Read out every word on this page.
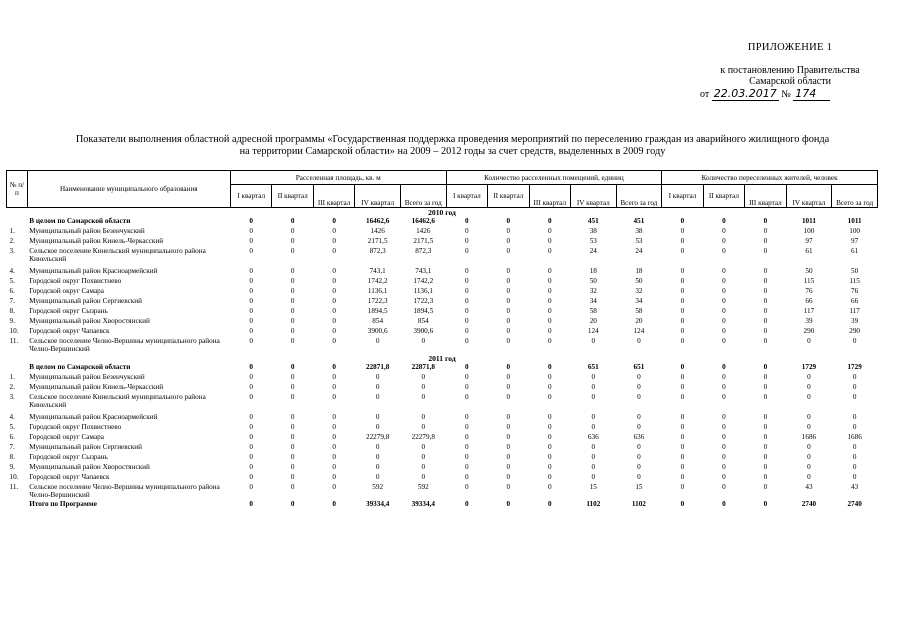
ПРИЛОЖЕНИЕ 1
к постановлению Правительства
Самарской области
от 22.03.2017 № 174
Показатели выполнения областной адресной программы «Государственная поддержка проведения мероприятий по переселению граждан из аварийного жилищного фонда
на территории Самарской области» на 2009 – 2012 годы за счет средств, выделенных в 2009 году
№ п/п	Наименование муниципального образования	Расселенная площадь, кв. м					Количество расселенных помещений, единиц					Количество переселенных жителей, человек				
		I квартал	II квартал	III квартал	IV квартал	Всего за год	I квартал	II квартал	III квартал	IV квартал	Всего за год	I квартал	II квартал	III квартал	IV квартал	Всего за год
2010 год																
	В целом по Самарской области	0	0	0	16462,6	16462,6	0	0	0	451	451	0	0	0	1011	1011
1.	Муниципальный район Безенчукский	0	0	0	1426	1426	0	0	0	38	38	0	0	0	100	100
2.	Муниципальный район Кинель-Черкасский	0	0	0	2171,5	2171,5	0	0	0	53	53	0	0	0	97	97
3.	Сельское поселение Кинельский муниципального района Кинельский	0	0	0	872,3	872,3	0	0	0	24	24	0	0	0	61	61

4.	Муниципальный район Красноармейский	0	0	0	743,1	743,1	0	0	0	18	18	0	0	0	50	50
5.	Городской округ Похвистнево	0	0	0	1742,2	1742,2	0	0	0	50	50	0	0	0	115	115
6.	Городской округ Самара	0	0	0	1136,1	1136,1	0	0	0	32	32	0	0	0	76	76
7.	Муниципальный район Сергиевский	0	0	0	1722,3	1722,3	0	0	0	34	34	0	0	0	66	66
8.	Городской округ Сызрань	0	0	0	1894,5	1894,5	0	0	0	58	58	0	0	0	117	117
9.	Муниципальный район Хворостянский	0	0	0	854	854	0	0	0	20	20	0	0	0	39	39
10.	Городской округ Чапаевск	0	0	0	3900,6	3900,6	0	0	0	124	124	0	0	0	290	290
11.	Сельское поселение Челно-Вершины муниципального района Челно-Вершинский	0	0	0	0	0	0	0	0	0	0	0	0	0	0	0
2011 год																
	В целом по Самарской области	0	0	0	22871,8	22871,8	0	0	0	651	651	0	0	0	1729	1729
1.	Муниципальный район Безенчукский	0	0	0	0	0	0	0	0	0	0	0	0	0	0	0
2.	Муниципальный район Кинель-Черкасский	0	0	0	0	0	0	0	0	0	0	0	0	0	0	0
3.	Сельское поселение Кинельский муниципального района Кинельский	0	0	0	0	0	0	0	0	0	0	0	0	0	0	0

4.	Муниципальный район Красноармейский	0	0	0	0	0	0	0	0	0	0	0	0	0	0	0
5.	Городской округ Похвистнево	0	0	0	0	0	0	0	0	0	0	0	0	0	0	0
6.	Городской округ Самара	0	0	0	22279,8	22279,8	0	0	0	636	636	0	0	0	1686	1686
7.	Муниципальный район Сергиевский	0	0	0	0	0	0	0	0	0	0	0	0	0	0	0
8.	Городской округ Сызрань	0	0	0	0	0	0	0	0	0	0	0	0	0	0	0
9.	Муниципальный район Хворостянский	0	0	0	0	0	0	0	0	0	0	0	0	0	0	0
10.	Городской округ Чапаевск	0	0	0	0	0	0	0	0	0	0	0	0	0	0	0
11.	Сельское поселение Челно-Вершины муниципального района Челно-Вершинский	0	0	0	592	592	0	0	0	15	15	0	0	0	43	43
	Итого по Программе	0	0	0	39334,4	39334,4	0	0	0	1102	1102	0	0	0	2740	2740
